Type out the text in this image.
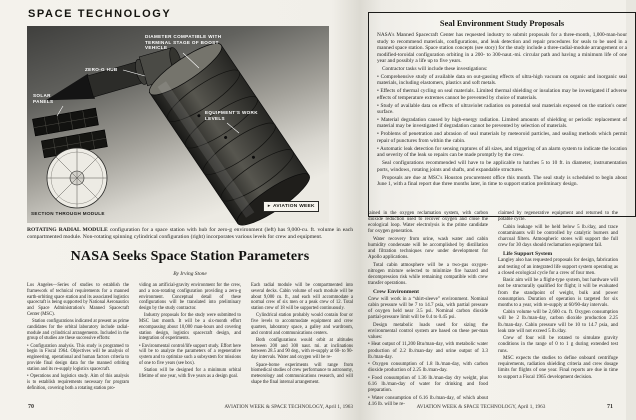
SPACE TECHNOLOGY
DIAMETER COMPATIBLE WITH TERMINAL STAGE OF BOOST VEHICLE
ZERO-G HUB
SOLAR PANELS
EQUIPMENT'S WORK LEVELS
SECTION THROUGH MODULE
► AVIATION WEEK
ROTATING RADIAL MODULE configuration for a space station with hub for zero-g environment (left) has 9,000-cu. ft. volume in each compartmented module. Non-rotating spinning cylindrical configuration (right) incorporates various levels for crew and equipment.
NASA Seeks Space Station Parameters
By Irving Stone

Los Angeles—Series of studies to establish the framework of technical requirements for a manned earth-orbiting space station and its associated logistics spacecraft is being supported by National Aeronautics and Space Administration's Manned Spacecraft Center (MSC).

Station configurations indicated at present as prime candidates for the orbital laboratory include radial-module and cylindrical arrangements. Included in the group of studies are these successive efforts:

• Configuration analysis. This study is programed to begin in Fiscal 1964. Objectives will be analysis of engineering, operational and human factors criteria to provide final design data for the manned orbiting station and its re-supply logistics spacecraft.

• Operations and logistics study. Aim of this analysis is to establish requirements necessary for program definition, covering both a rotating station pro-

viding an artificial-gravity environment for the crew, and a non-rotating configuration providing a zero-g environment. Conceptual detail of these configurations will be translated into preliminary design by the study contractor.

Industry proposals for the study were submitted to MSC last month. It will be a six-month effort encompassing about 10,000 man-hours and covering station design, logistics spacecraft design, and integration of experiments.

• Environmental control/life support study. Effort here will be to analyze the parameters of a regenerative system and to optimize such a subsystem for missions of one to five years (see box).

Station will be designed for a minimum orbital lifetime of one year, with five years as a design goal.

Each radial module will be compartmented into several decks. Cabin volume of each module will be about 9,000 cu. ft., and each will accommodate a normal crew of six men or a peak crew of 12. Total station crew of 18 will be supported continuously.

Cylindrical station probably would contain four or five levels to accommodate equipment and crew quarters, laboratory space, a galley and wardroom, and control and communications centers.

Both configurations would orbit at altitudes between 200 and 300 naut. mi. at inclinations between 28.5 and 90 deg., with re-supply at 60- to 90-day intervals. Water and oxygen will be re-

Space-borne experiments will range from biomedical studies of crew performance to astronomy, meteorology and communications research, and will shape the final internal arrangement.

Seal Environment Study Proposals

NASA's Manned Spacecraft Center has requested industry to submit proposals for a three-month, 1,000-man-hour study to recommend materials, configurations, and leak detection and repair procedures for seals to be used in a manned space station. Space station concepts (see story) for the study include a three-radial-module arrangement or a modified-toroidal configuration orbiting in a 200- to 300-naut.-mi. circular path and having a minimum life of one year and possibly a life up to five years.

Contractor tasks will include these investigations:

• Comprehensive study of available data on out-gassing effects of ultra-high vacuum on organic and inorganic seal materials, including elastomers, plastics and soft metals.

• Effects of thermal cycling on seal materials. Limited thermal shielding or insulation may be investigated if adverse effects of temperature extremes cannot be prevented by choice of materials.

• Study of available data on effects of ultraviolet radiation on potential seal materials exposed on the station's outer surface.

• Material degradation caused by high-energy radiation. Limited amounts of shielding or periodic replacement of material may be investigated if degradation cannot be prevented by selection of materials.

• Problems of penetration and abrasion of seal materials by meteoroid particles, and sealing methods which permit repair of punctures from within the cabin.

• Automatic leak detection for sensing ruptures of all sizes, and triggering of an alarm system to indicate the location and severity of the leak so repairs can be made promptly by the crew.

Seal configurations recommended will have to be applicable to hatches 5 to 10 ft. in diameter, instrumentation ports, windows, rotating joints and shafts, and expandable structures.

Proposals are due at MSC's Houston procurement office this month. The seal study is scheduled to begin about June 1, with a final report due three months later, in time to support station preliminary design.

tained in the oxygen reclamation system, with carbon dioxide reduction used to recover oxygen and close the ecological loop. Water electrolysis is the prime candidate for oxygen generation.

Water recovery from urine, wash water and cabin humidity condensate will be accomplished by distillation and filtration techniques now under development for Apollo applications.

Total cabin atmosphere will be a two-gas oxygen-nitrogen mixture selected to minimize fire hazard and decompression risk while remaining compatible with crew transfer operations.

Crew Environment

Crew will work in a “shirt-sleeve” environment. Nominal cabin pressure will be 7 to 14.7 psia, with partial pressure of oxygen held near 3.5 psi. Nominal carbon dioxide partial-pressure limit will be 0.4 to 0.45 psi.

Design metabolic loads used for sizing the environmental control system are based on these per-man values:

• Heat output of 11,200 Btu/man-day, with metabolic water production of 2.2 lb./man-day and urine output of 3.3 lb./man-day.

• Oxygen consumption of 1.8 lb./man-day, with carbon dioxide production of 2.25 lb./man-day.

• Food consumption of 1.36 lb./man-day dry weight, plus 6.16 lb./man-day of water for drinking and food preparation.

• Water consumption of 6.16 lb./man-day, of which about 4.16 lb. will be re-

claimed by regenerative equipment and returned to the potable cycle.

Cabin leakage will be held below 5 lb./day, and trace contaminants will be controlled by catalytic burners and charcoal filters. Atmospheric stores will support the full crew for 30 days should reclamation equipment fail.

Life Support System

Langley also has requested proposals for design, fabrication and testing of an integrated life support system operating as a closed ecological cycle for a crew of four men.

Basic aim will be a flight-type system, but hardware will not be structurally qualified for flight; it will be evaluated from the standpoint of weight, bulk and power consumption. Duration of operation is targeted for six months to a year, with re-supply at 60/90-day intervals.

Cabin volume will be 2,600 cu. ft. Oxygen consumption will be 2 lb./man-day, carbon dioxide production 2.25 lb./man-day. Cabin pressure will be 10 to 14.7 psia, and leak rate will not exceed 5 lb./day.

Crew of four will be rotated to simulate gravity conditions in the range of 0 to 1 g during extended test runs.

MSC expects the studies to define onboard centrifuge requirements, radiation shielding criteria and crew dosage limits for flights of one year. Final reports are due in time to support a Fiscal 1965 development decision.

70	AVIATION WEEK & SPACE TECHNOLOGY, April 1, 1963	AVIATION WEEK & SPACE TECHNOLOGY, April 1, 1963	71
